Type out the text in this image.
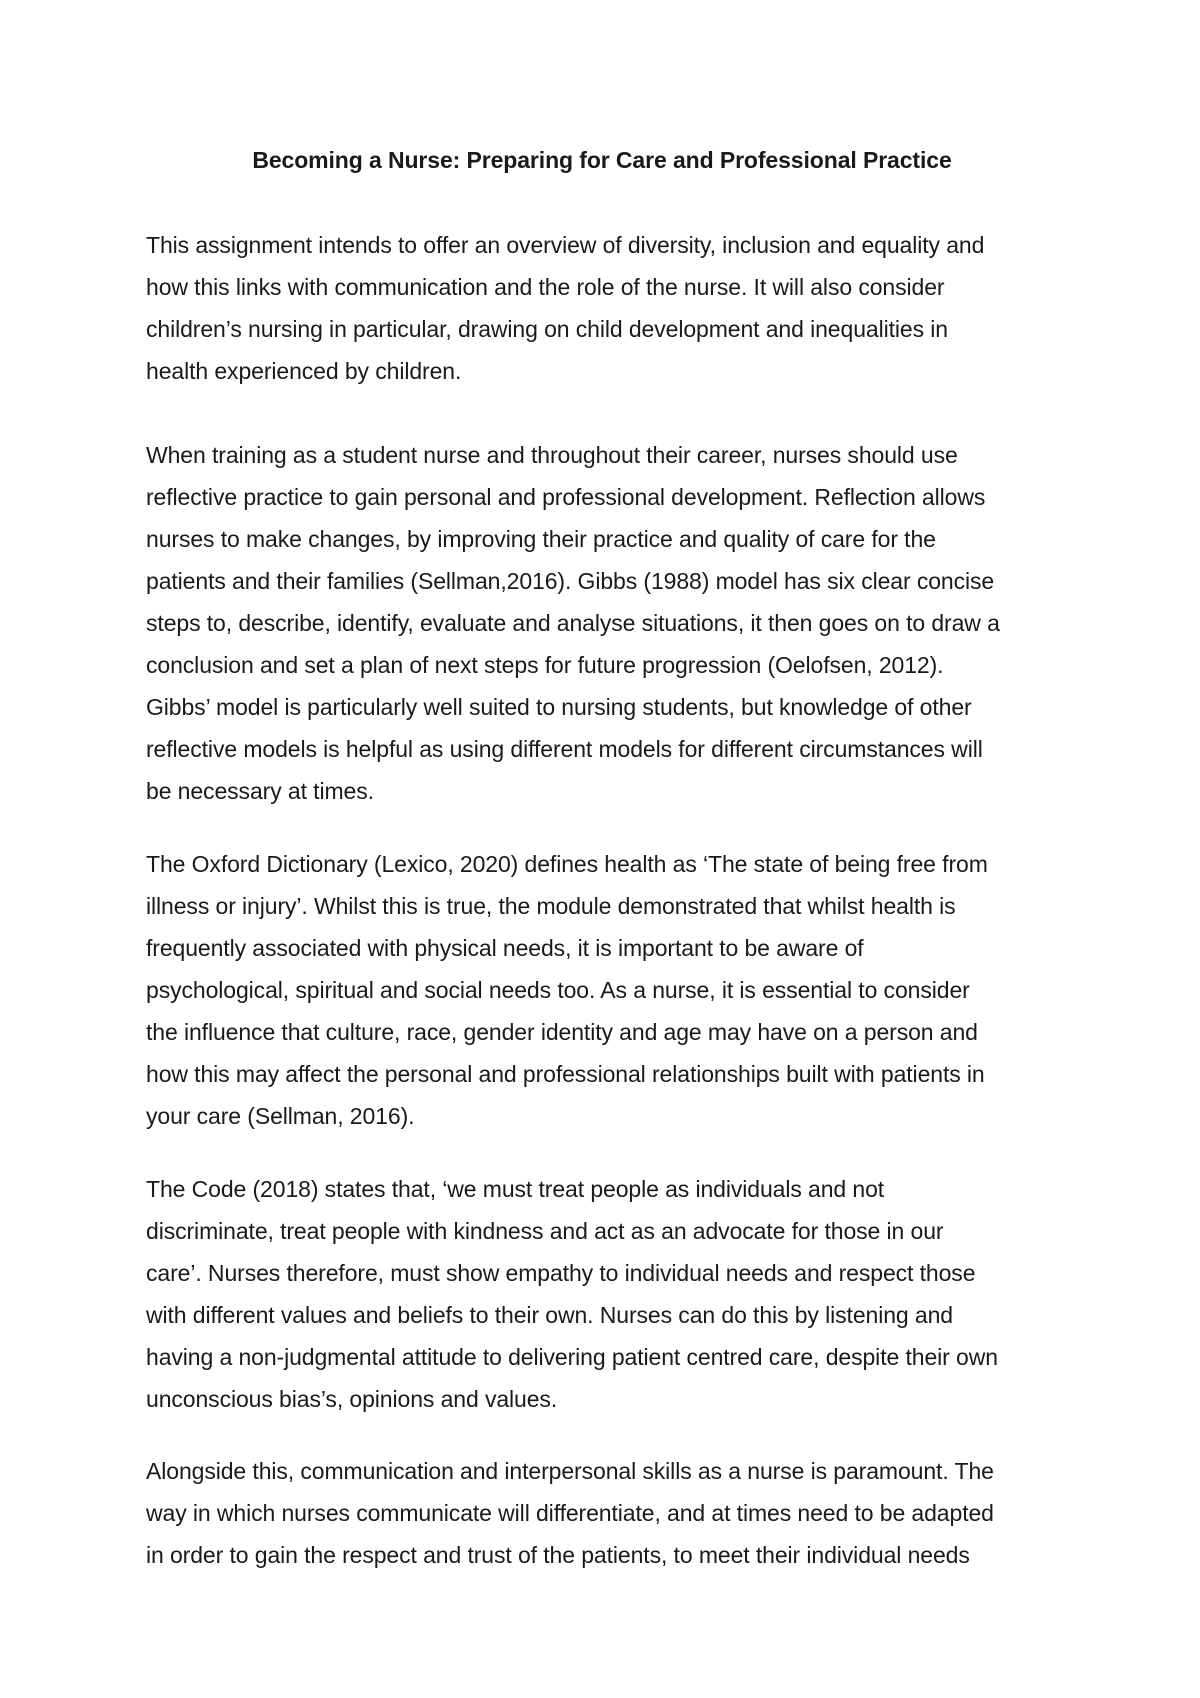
Becoming a Nurse: Preparing for Care and Professional Practice

This assignment intends to offer an overview of diversity, inclusion and equality and
how this links with communication and the role of the nurse. It will also consider
children’s nursing in particular, drawing on child development and inequalities in
health experienced by children.

When training as a student nurse and throughout their career, nurses should use
reflective practice to gain personal and professional development. Reflection allows
nurses to make changes, by improving their practice and quality of care for the
patients and their families (Sellman,2016). Gibbs (1988) model has six clear concise
steps to, describe, identify, evaluate and analyse situations, it then goes on to draw a
conclusion and set a plan of next steps for future progression (Oelofsen, 2012).
Gibbs’ model is particularly well suited to nursing students, but knowledge of other
reflective models is helpful as using different models for different circumstances will
be necessary at times.

The Oxford Dictionary (Lexico, 2020) defines health as ‘The state of being free from
illness or injury’. Whilst this is true, the module demonstrated that whilst health is
frequently associated with physical needs, it is important to be aware of
psychological, spiritual and social needs too. As a nurse, it is essential to consider
the influence that culture, race, gender identity and age may have on a person and
how this may affect the personal and professional relationships built with patients in
your care (Sellman, 2016).

The Code (2018) states that, ‘we must treat people as individuals and not
discriminate, treat people with kindness and act as an advocate for those in our
care’. Nurses therefore, must show empathy to individual needs and respect those
with different values and beliefs to their own. Nurses can do this by listening and
having a non-judgmental attitude to delivering patient centred care, despite their own
unconscious bias’s, opinions and values.

Alongside this, communication and interpersonal skills as a nurse is paramount. The
way in which nurses communicate will differentiate, and at times need to be adapted
in order to gain the respect and trust of the patients, to meet their individual needs
